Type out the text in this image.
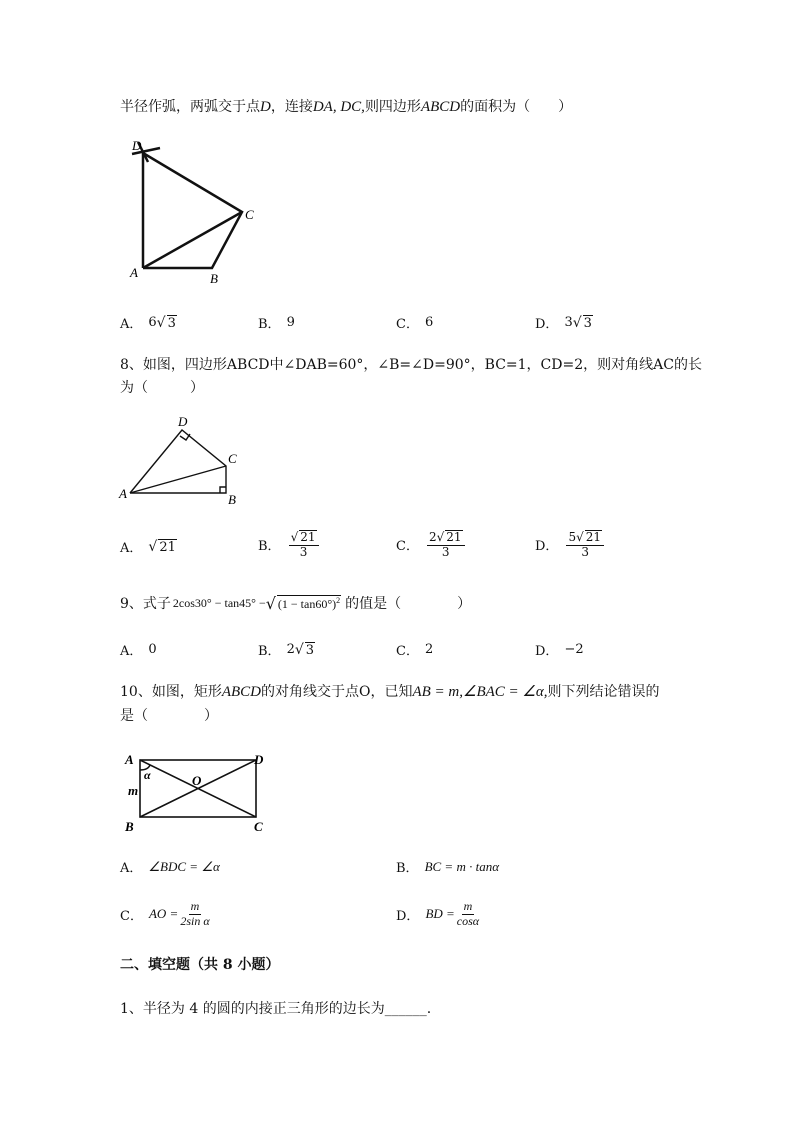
半径作弧，两弧交于点D，连接DA, DC,则四边形ABCD的面积为（　　）
D
C
A	B
A． 6 √ 3	B． 9	C． 6	D． 3 √ 3
8、如图，四边形ABCD中∠DAB=60°，∠B=∠D=90°，BC=1，CD=2，则对角线AC的长
为（　　　）
D
C
A	B
A． √ 21	B． $\frac{√ 21}{3}$	C． $\frac{2√ 21}{3}$	D． $\frac{5√ 21}{3}$
9、式子 2cos30° − tan45° − √ $(1 - \tan 60^\circ)^2$ 的值是（　　　　）
A． 0	B． 2 √ 3	C． 2	D． −2
10、如图，矩形ABCD的对角线交于点O，已知AB = m,∠BAC = ∠α,则下列结论错误的
是（　　　　）
A	D
B	C
O
α
m
A． ∠BDC = ∠α	B． BC = m · tanα
C． AO = $\frac{m}{\text{2sin α}}$	D． BD = $\frac{m}{\cos\alpha}$
二、填空题（共 8 小题）
1、半径为 4 的圆的内接正三角形的边长为______.
